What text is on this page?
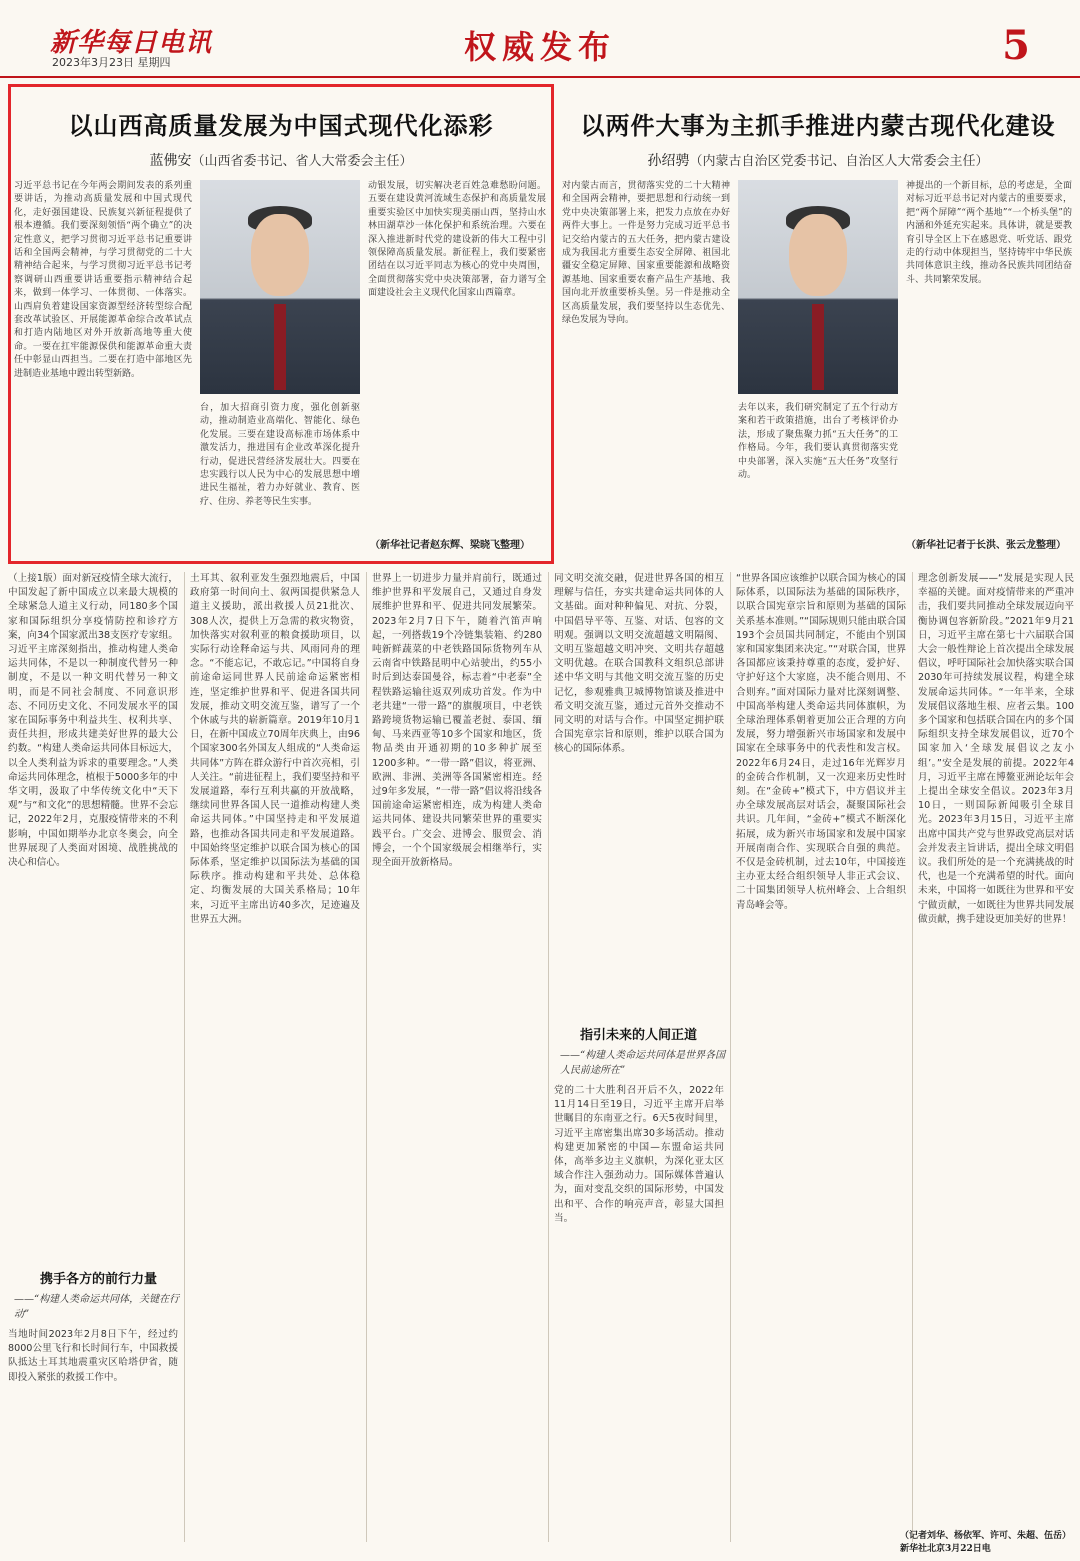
新华每日电讯
2023年3月23日 星期四	权威发布	5
以山西高质量发展为中国式现代化添彩
蓝佛安（山西省委书记、省人大常委会主任）
习近平总书记在今年两会期间发表的系列重要讲话，为推动高质量发展和中国式现代化，走好强国建设、民族复兴新征程提供了根本遵循。我们要深刻领悟“两个确立”的决定性意义，把学习贯彻习近平总书记重要讲话和全国两会精神，与学习贯彻党的二十大精神结合起来，与学习贯彻习近平总书记考察调研山西重要讲话重要指示精神结合起来，做到一体学习、一体贯彻、一体落实。山西肩负着建设国家资源型经济转型综合配套改革试验区、开展能源革命综合改革试点和打造内陆地区对外开放新高地等重大使命。一要在扛牢能源保供和能源革命重大责任中彰显山西担当。二要在打造中部地区先进制造业基地中蹚出转型新路。
台，加大招商引资力度，强化创新驱动，推动制造业高端化、智能化、绿色化发展。三要在建设高标准市场体系中激发活力，推进国有企业改革深化提升行动，促进民营经济发展壮大。四要在忠实践行以人民为中心的发展思想中增进民生福祉，着力办好就业、教育、医疗、住房、养老等民生实事。
动银发展，切实解决老百姓急难愁盼问题。五要在建设黄河流域生态保护和高质量发展重要实验区中加快实现美丽山西，坚持山水林田湖草沙一体化保护和系统治理。六要在深入推进新时代党的建设新的伟大工程中引领保障高质量发展。新征程上，我们要紧密团结在以习近平同志为核心的党中央周围，全面贯彻落实党中央决策部署，奋力谱写全面建设社会主义现代化国家山西篇章。
（新华社记者赵东辉、梁晓飞整理）
以两件大事为主抓手推进内蒙古现代化建设
孙绍骋（内蒙古自治区党委书记、自治区人大常委会主任）
对内蒙古而言，贯彻落实党的二十大精神和全国两会精神，要把思想和行动统一到党中央决策部署上来，把发力点放在办好两件大事上。一件是努力完成习近平总书记交给内蒙古的五大任务，把内蒙古建设成为我国北方重要生态安全屏障、祖国北疆安全稳定屏障、国家重要能源和战略资源基地、国家重要农畜产品生产基地、我国向北开放重要桥头堡。另一件是推动全区高质量发展，我们要坚持以生态优先、绿色发展为导向。
去年以来，我们研究制定了五个行动方案和若干政策措施，出台了考核评价办法，形成了聚焦聚力抓“五大任务”的工作格局。今年，我们要认真贯彻落实党中央部署，深入实施“五大任务”攻坚行动。
神提出的一个新目标，总的考虑是，全面对标习近平总书记对内蒙古的重要要求，把“两个屏障”“两个基地”“一个桥头堡”的内涵和外延充实起来。具体讲，就是要教育引导全区上下在感恩党、听党话、跟党走的行动中体现担当，坚持铸牢中华民族共同体意识主线，推动各民族共同团结奋斗、共同繁荣发展。
（新华社记者于长洪、张云龙整理）
（上接1版）面对新冠疫情全球大流行，中国发起了新中国成立以来最大规模的全球紧急人道主义行动，同180多个国家和国际组织分享疫情防控和诊疗方案，向34个国家派出38支医疗专家组。习近平主席深刻指出，推动构建人类命运共同体，不是以一种制度代替另一种制度，不是以一种文明代替另一种文明，而是不同社会制度、不同意识形态、不同历史文化、不同发展水平的国家在国际事务中利益共生、权利共享、责任共担，形成共建美好世界的最大公约数。“构建人类命运共同体目标远大，以全人类利益为诉求的重要理念。”人类命运共同体理念，植根于5000多年的中华文明，汲取了中华传统文化中“天下观”与“和文化”的思想精髓。世界不会忘记，2022年2月，克服疫情带来的不利影响，中国如期举办北京冬奥会，向全世界展现了人类面对困境、战胜挑战的决心和信心。
携手各方的前行力量
——“构建人类命运共同体，关键在行动”
当地时间2023年2月8日下午，经过约8000公里飞行和长时间行车，中国救援队抵达土耳其地震重灾区哈塔伊省，随即投入紧张的救援工作中。
土耳其、叙利亚发生强烈地震后，中国政府第一时间向土、叙两国提供紧急人道主义援助，派出救援人员21批次、308人次，提供上万急需的救灾物资，加快落实对叙利亚的粮食援助项目，以实际行动诠释命运与共、风雨同舟的理念。“不能忘记，不敢忘记。”中国将自身前途命运同世界人民前途命运紧密相连，坚定维护世界和平、促进各国共同发展，推动文明交流互鉴，谱写了一个个休戚与共的崭新篇章。2019年10月1日，在新中国成立70周年庆典上，由96个国家300名外国友人组成的“人类命运共同体”方阵在群众游行中首次亮相，引人关注。“前进征程上，我们要坚持和平发展道路，奉行互利共赢的开放战略，继续同世界各国人民一道推动构建人类命运共同体。”中国坚持走和平发展道路，也推动各国共同走和平发展道路。中国始终坚定维护以联合国为核心的国际体系，坚定维护以国际法为基础的国际秩序。推动构建和平共处、总体稳定、均衡发展的大国关系格局；10年来，习近平主席出访40多次，足迹遍及世界五大洲。
世界上一切进步力量并肩前行，既通过维护世界和平发展自己，又通过自身发展维护世界和平、促进共同发展繁荣。2023年2月7日下午，随着汽笛声响起，一列搭载19个冷链集装箱、约280吨新鲜蔬菜的中老铁路国际货物列车从云南省中铁路昆明中心站驶出，约55小时后到达泰国曼谷，标志着“中老泰”全程铁路运输往返双列成功首发。作为中老共建“一带一路”的旗舰项目，中老铁路跨境货物运输已覆盖老挝、泰国、缅甸、马来西亚等10多个国家和地区，货物品类由开通初期的10多种扩展至1200多种。“一带一路”倡议，将亚洲、欧洲、非洲、美洲等各国紧密相连。经过9年多发展，“一带一路”倡议将沿线各国前途命运紧密相连，成为构建人类命运共同体、建设共同繁荣世界的重要实践平台。广交会、进博会、服贸会、消博会，一个个国家级展会相继举行，实现全面开放新格局。
同文明交流交融，促进世界各国的相互理解与信任，夯实共建命运共同体的人文基础。面对种种偏见、对抗、分裂，中国倡导平等、互鉴、对话、包容的文明观。强调以文明交流超越文明隔阂、文明互鉴超越文明冲突、文明共存超越文明优越。在联合国教科文组织总部讲述中华文明与其他文明交流互鉴的历史记忆，参观雅典卫城博物馆谈及推进中希文明交流互鉴，通过元首外交推动不同文明的对话与合作。中国坚定拥护联合国宪章宗旨和原则，维护以联合国为核心的国际体系。
指引未来的人间正道
——“构建人类命运共同体是世界各国人民前途所在”
党的二十大胜利召开后不久，2022年11月14日至19日，习近平主席开启举世瞩目的东南亚之行。6天5夜时间里，习近平主席密集出席30多场活动。推动构建更加紧密的中国—东盟命运共同体，高举多边主义旗帜，为深化亚太区域合作注入强劲动力。国际媒体普遍认为，面对变乱交织的国际形势，中国发出和平、合作的响亮声音，彰显大国担当。
“世界各国应该维护以联合国为核心的国际体系，以国际法为基础的国际秩序，以联合国宪章宗旨和原则为基础的国际关系基本准则。”“国际规则只能由联合国193个会员国共同制定，不能由个别国家和国家集团来决定。”“对联合国，世界各国都应该秉持尊重的态度，爱护好、守护好这个大家庭，决不能合则用、不合则弃。”面对国际力量对比深刻调整、中国高举构建人类命运共同体旗帜，为全球治理体系朝着更加公正合理的方向发展，努力增强新兴市场国家和发展中国家在全球事务中的代表性和发言权。2022年6月24日，走过16年光辉岁月的金砖合作机制，又一次迎来历史性时刻。在“金砖+”模式下，中方倡议并主办全球发展高层对话会，凝聚国际社会共识。几年间，“金砖+”模式不断深化拓展，成为新兴市场国家和发展中国家开展南南合作、实现联合自强的典范。不仅是金砖机制，过去10年，中国接连主办亚太经合组织领导人非正式会议、二十国集团领导人杭州峰会、上合组织青岛峰会等。
理念创新发展——“发展是实现人民幸福的关键。面对疫情带来的严重冲击，我们要共同推动全球发展迈向平衡协调包容新阶段。”2021年9月21日，习近平主席在第七十六届联合国大会一般性辩论上首次提出全球发展倡议，呼吁国际社会加快落实联合国2030年可持续发展议程，构建全球发展命运共同体。“一年半来，全球发展倡议落地生根、应者云集。100多个国家和包括联合国在内的多个国际组织支持全球发展倡议，近70个国家加入‘全球发展倡议之友小组’。”安全是发展的前提。2022年4月，习近平主席在博鳌亚洲论坛年会上提出全球安全倡议。2023年3月10日，一则国际新闻吸引全球目光。2023年3月15日，习近平主席出席中国共产党与世界政党高层对话会并发表主旨讲话，提出全球文明倡议。我们所处的是一个充满挑战的时代，也是一个充满希望的时代。面向未来，中国将一如既往为世界和平安宁做贡献，一如既往为世界共同发展做贡献，携手建设更加美好的世界！
（记者刘华、杨依军、许可、朱超、伍岳）新华社北京3月22日电
